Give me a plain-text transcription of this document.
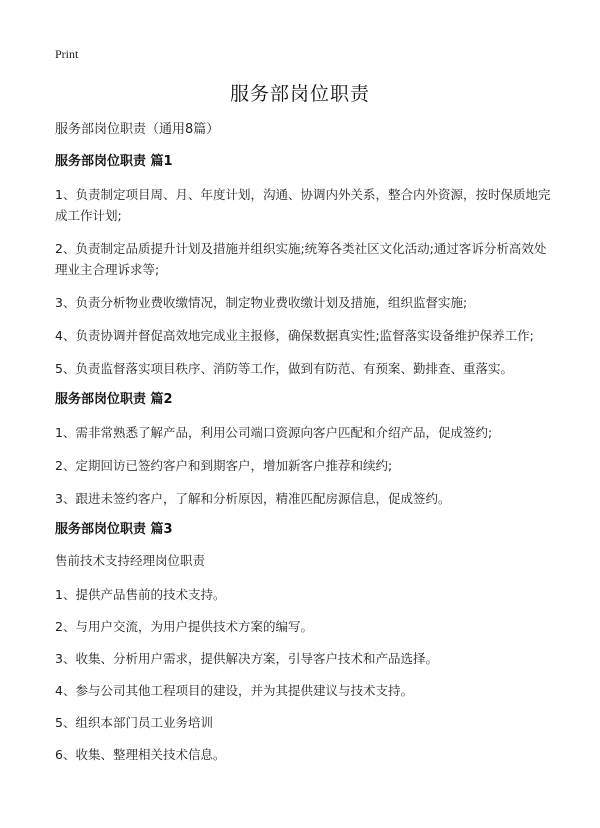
Print
服务部岗位职责
服务部岗位职责（通用8篇）
服务部岗位职责 篇1
1、负责制定项目周、月、年度计划，沟通、协调内外关系，整合内外资源，按时保质地完成工作计划;
2、负责制定品质提升计划及措施并组织实施;统筹各类社区文化活动;通过客诉分析高效处理业主合理诉求等;
3、负责分析物业费收缴情况，制定物业费收缴计划及措施，组织监督实施;
4、负责协调并督促高效地完成业主报修，确保数据真实性;监督落实设备维护保养工作;
5、负责监督落实项目秩序、消防等工作，做到有防范、有预案、勤排查、重落实。
服务部岗位职责 篇2
1、需非常熟悉了解产品，利用公司端口资源向客户匹配和介绍产品，促成签约;
2、定期回访已签约客户和到期客户，增加新客户推荐和续约;
3、跟进未签约客户，了解和分析原因，精准匹配房源信息，促成签约。
服务部岗位职责 篇3
售前技术支持经理岗位职责
1、提供产品售前的技术支持。
2、与用户交流，为用户提供技术方案的编写。
3、收集、分析用户需求，提供解决方案，引导客户技术和产品选择。
4、参与公司其他工程项目的建设，并为其提供建议与技术支持。
5、组织本部门员工业务培训
6、收集、整理相关技术信息。
